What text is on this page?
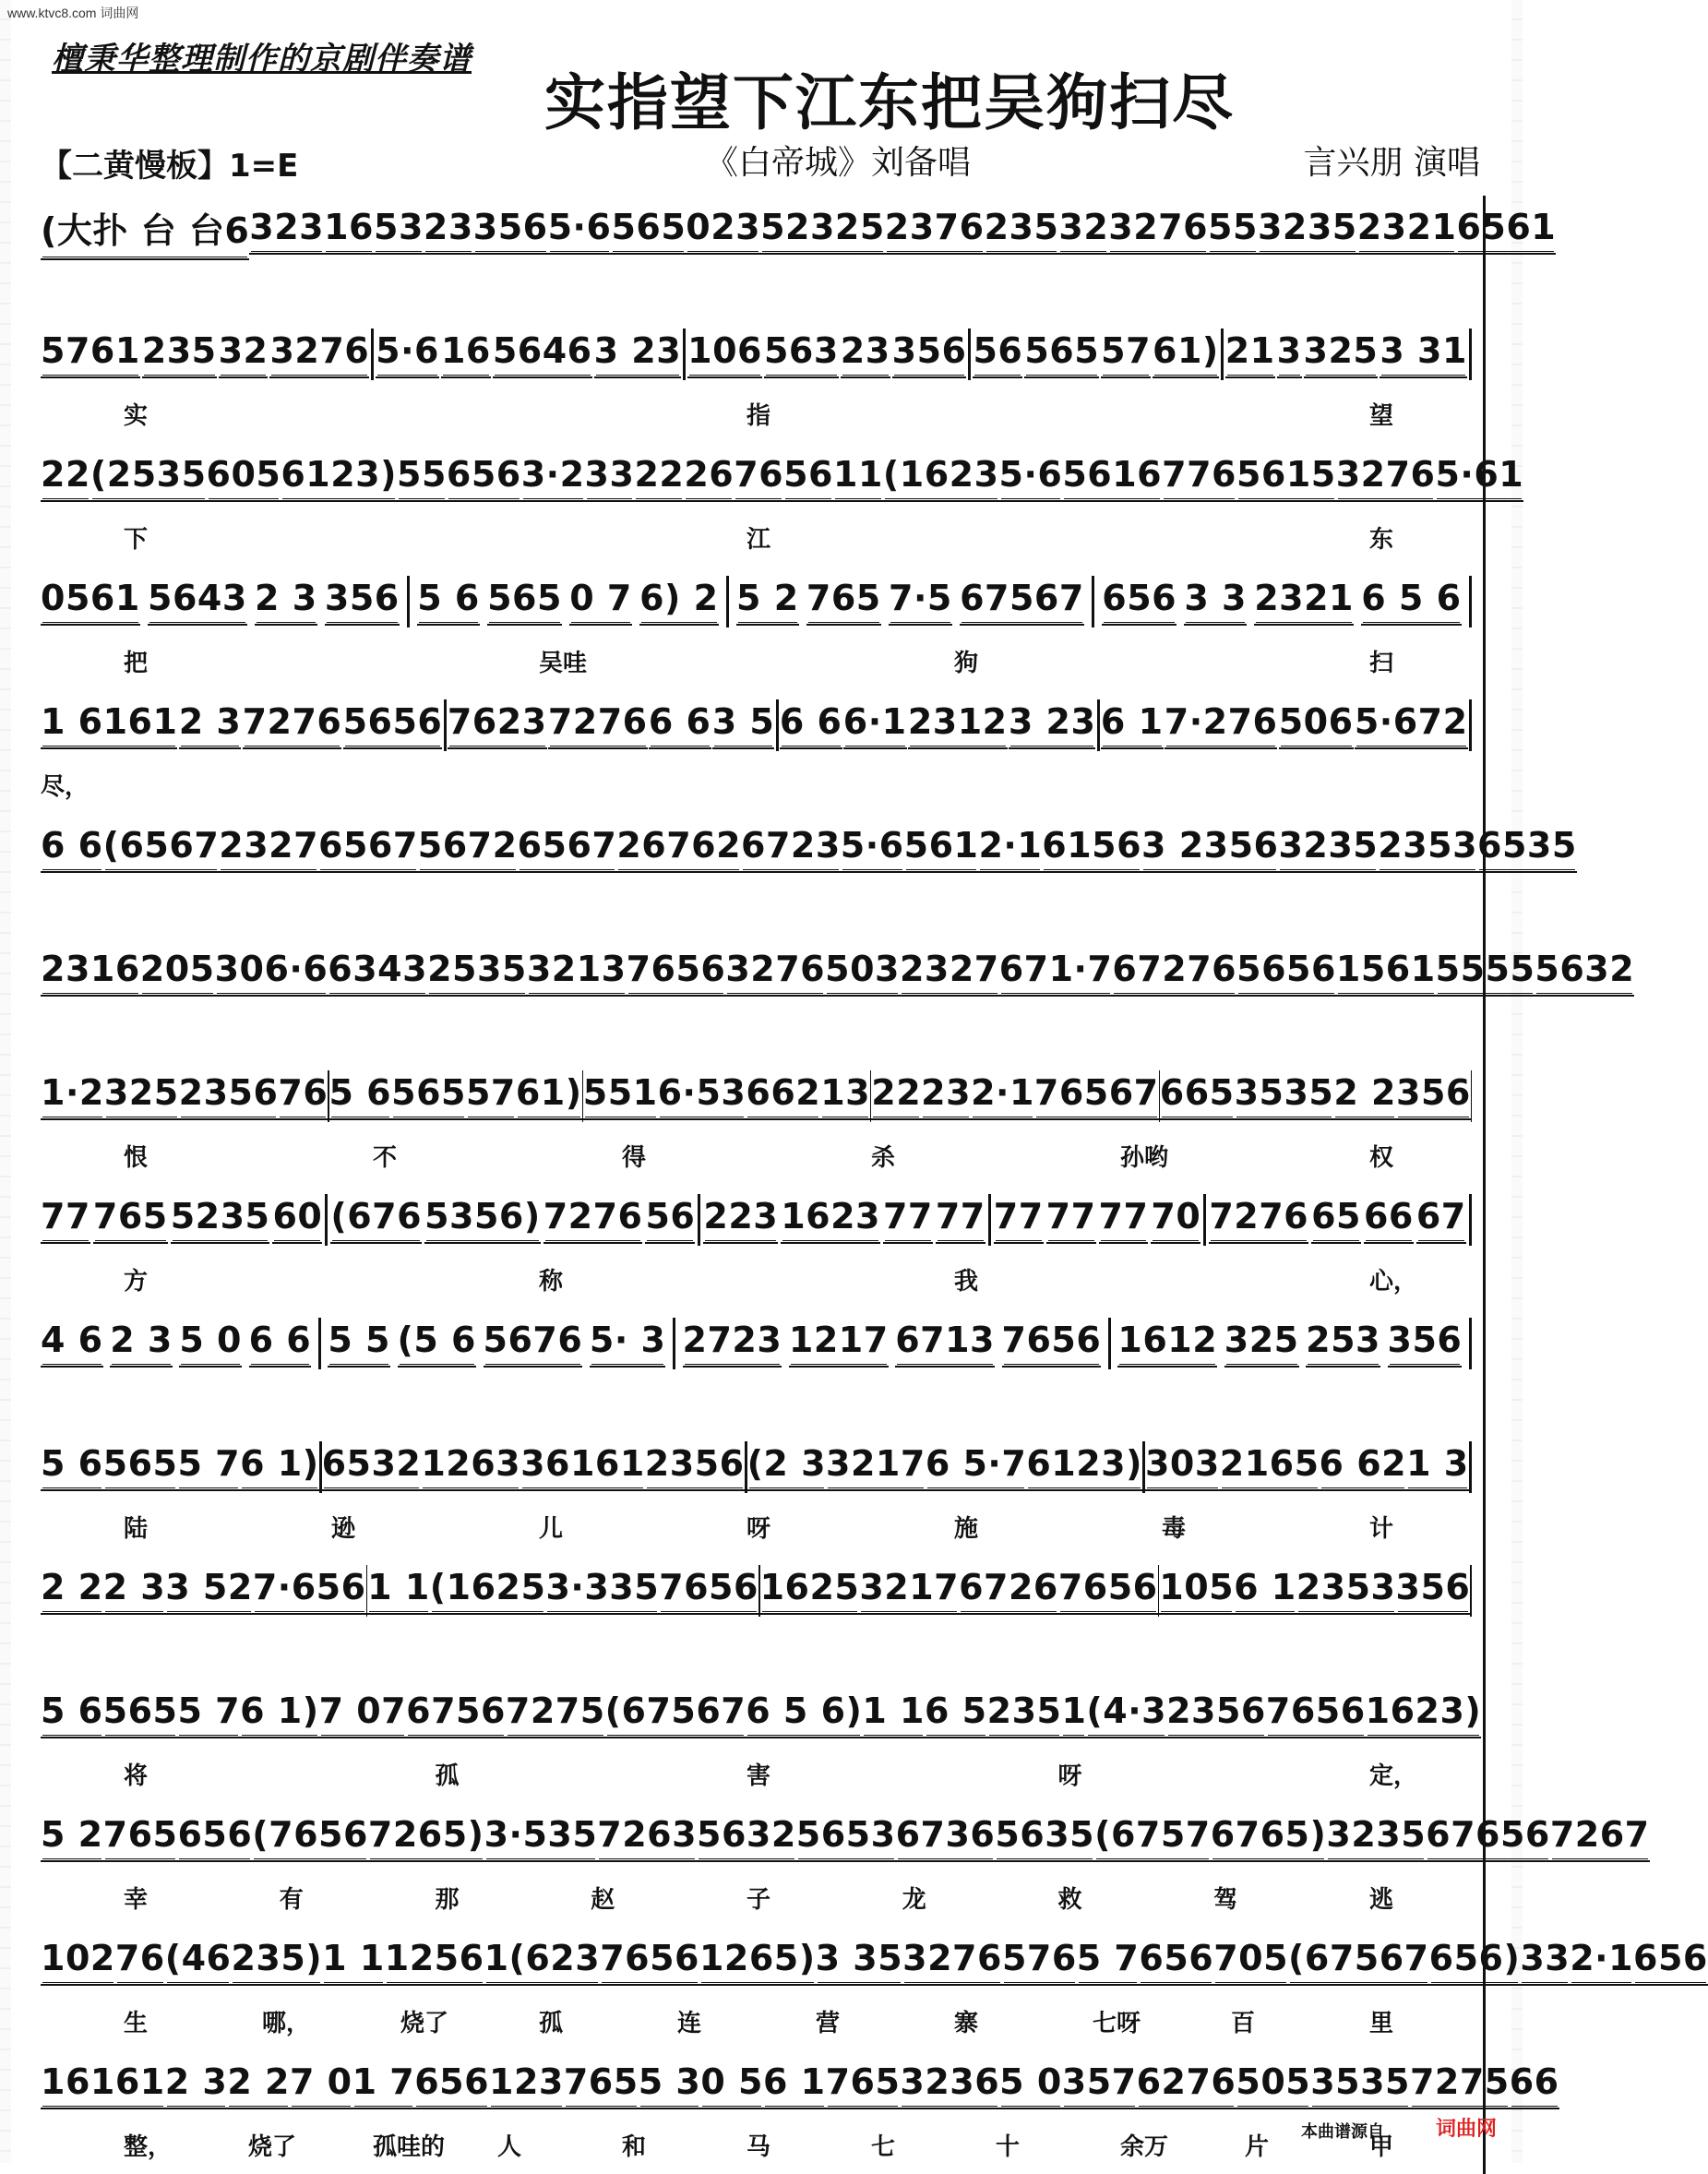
www.ktvc8.com 词曲网
檀秉华整理制作的京剧伴奏谱
实指望下江东把吴狗扫尽
【二黄慢板】1=E	《白帝城》刘备唱	言兴朋 演唱
(大扑 台 台6 323 16 53 23 356 5·6 565 023 52325 2376 235 32 3276 55 3235 2321 6561
5761 235 32 3276 5·6 16 5646 3 23 106 563 23 356 56 565 57 61) 21 3 325 3 31
实	指	望
22 (2535 605 6123) 55 656 3·2 33 22 26 76 56 11 (1623 5·6 5616 776 5615 3276 5·61
下	江	东
0561 5643 2 3 356 5 6 565 0 7 6) 2 5 2 765 7·5 67567 656 3 3 2321 6 5 6
把	吴哇	狗	扫
1 6161 2 3 7276 5656 7623 7276 6 6 3 5 6 6 6·1 2312 3 23 6 1 7·276 506 5·672
尽，
6 6 (6567 2327 6567 5672 6567 26762 6723 5·6 561 2·1 6156 3 2356 3235 2353 6535
2316 205 306·6 6343 2535 3213 7656 3276 503 2327 671·7 67276 5656 1561 5555 5632
1·2 325 2356 76 5 6 565 57 61) 551 6·53 662 13 22 23 2·1 76567 665 3535 2 2 356
恨	不	得	杀	孙哟	权
77 765 5235 60 (676 5356) 7276 56 223 1623 77 77 77 77 77 70 7276 65 66 67
方	称	我	心，
4 6 2 3 5 0 6 6 5 5 (5 6 5676 5· 3 2723 1217 6713 7656 1612 325 253 356
5 6 565 5 7 6 1) 6532 1263 36161 2356 (2 3 3217 6 5·7 6123) 303 2165 6 62 1 3
陆	逊	儿	呀	施	毒	计
2 2 2 3 3 52 7·656 1 1 (1625 3·335 7656 1625 3217 6726 7656 105 6 1 2353 356
5 6 565 5 7 6 1) 7 07 6756 7275 (67567 6 5 6) 1 1 6 5 235 1 (4·3 2356 7656 1623)
将	孤	害	呀	定，
5 2 765 656 (7656 7265) 3·535 7263 5632 5653 6736 5635 (6757 6765) 3235 67656 7267
幸	有	那	赵	子	龙	救	驾	逃
102 76 (46 235) 1 1 1256 1(623 7656 1265) 3 35 3276 576 5 7 656 705 (67567 656) 33 2·1 656
生	哪，	烧了	孤	连	营	寨	七呀	百	里
16161 2 3 2 2 7 0 1 7 656 123 765 5 3 0 5 6 1 765 3236 5 0 357 6276 505 3535 7275 66
整，	烧了	孤哇的 人	和	马	七	十	余万	片	甲
本曲谱源自	词曲网
